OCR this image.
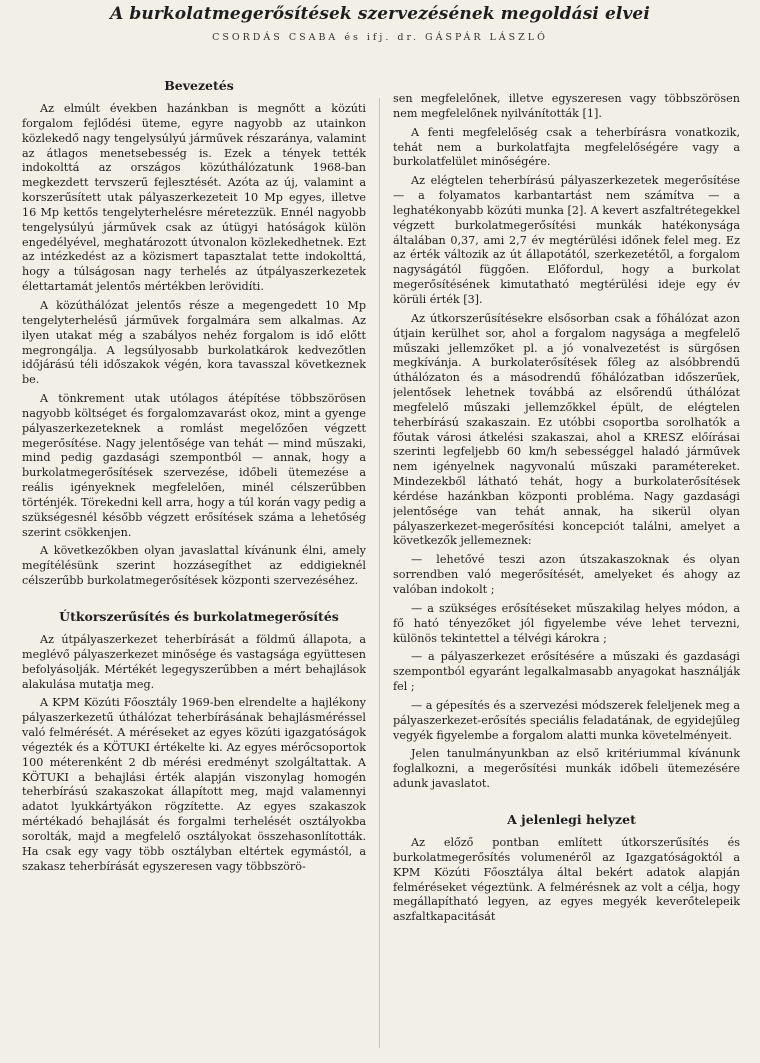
A burkolatmegerősítések szervezésének megoldási elvei
CSORDÁS CSABA és ifj. dr. GÁSPÁR LÁSZLÓ
Bevezetés

Az elmúlt években hazánkban is megnőtt a közúti forgalom fejlődési üteme, egyre nagyobb az utainkon közlekedő nagy tengelysúlyú járművek részaránya, valamint az átlagos menetsebesség is. Ezek a tények tették indokolttá az országos közúthálózatunk 1968-ban megkezdett tervszerű fejlesztését. Azóta az új, valamint a korszerűsített utak pályaszerkezeteit 10 Mp egyes, illetve 16 Mp kettős tengelyterhelésre méretezzük. Ennél nagyobb tengelysúlyú járművek csak az útügyi hatóságok külön engedélyével, meghatározott útvonalon közlekedhetnek. Ezt az intézkedést az a közismert tapasztalat tette indokolttá, hogy a túlságosan nagy terhelés az útpályaszerkezetek élettartamát jelentős mértékben lerövidíti.

A közúthálózat jelentős része a megengedett 10 Mp tengelyterhelésű járművek forgalmára sem alkalmas. Az ilyen utakat még a szabályos nehéz forgalom is idő előtt megrongálja. A legsúlyosabb burkolatkárok kedvezőtlen időjárású téli időszakok végén, kora tavasszal következnek be.

A tönkrement utak utólagos átépítése többszörösen nagyobb költséget és forgalomzavarást okoz, mint a gyenge pályaszerkezeteknek a romlást megelőzően végzett megerősítése. Nagy jelentősége van tehát — mind műszaki, mind pedig gazdasági szempontból — annak, hogy a burkolatmegerősítések szervezése, időbeli ütemezése a reális igényeknek megfelelően, minél célszerűbben történjék. Törekedni kell arra, hogy a túl korán vagy pedig a szükségesnél később végzett erősítések száma a lehetőség szerint csökkenjen.

A következőkben olyan javaslattal kívánunk élni, amely megítélésünk szerint hozzásegíthet az eddigieknél célszerűbb burkolatmegerősítések központi szervezéséhez.

Útkorszerűsítés és burkolatmegerősítés

Az útpályaszerkezet teherbírását a földmű állapota, a meglévő pályaszerkezet minősége és vastagsága együttesen befolyásolják. Mértékét legegyszerűbben a mért behajlások alakulása mutatja meg.

A KPM Közúti Főosztály 1969-ben elrendelte a hajlékony pályaszerkezetű úthálózat teherbírásának behajlásméréssel való felmérését. A méréseket az egyes közúti igazgatóságok végezték és a KÖTUKI értékelte ki. Az egyes mérőcsoportok 100 méterenként 2 db mérési eredményt szolgáltattak. A KÖTUKI a behajlási érték alapján viszonylag homogén teherbírású szakaszokat állapított meg, majd valamennyi adatot lyukkártyákon rögzítette. Az egyes szakaszok mértékadó behajlását és forgalmi terhelését osztályokba sorolták, majd a megfelelő osztályokat összehasonlították. Ha csak egy vagy több osztályban eltértek egymástól, a szakasz teherbírását egyszeresen vagy többszörö-

sen megfelelőnek, illetve egyszeresen vagy többszörösen nem megfelelőnek nyilvánították [1].

A fenti megfelelőség csak a teherbírásra vonatkozik, tehát nem a burkolatfajta megfelelőségére vagy a burkolatfelület minőségére.

Az elégtelen teherbírású pályaszerkezetek megerősítése — a folyamatos karbantartást nem számítva — a leghatékonyabb közúti munka [2]. A kevert aszfaltrétegekkel végzett burkolatmegerősítési munkák hatékonysága általában 0,37, ami 2,7 év megtérülési időnek felel meg. Ez az érték változik az út állapotától, szerkezetétől, a forgalom nagyságától függően. Előfordul, hogy a burkolat megerősítésének kimutatható megtérülési ideje egy év körüli érték [3].

Az útkorszerűsítésekre elsősorban csak a főhálózat azon útjain kerülhet sor, ahol a forgalom nagysága a megfelelő műszaki jellemzőket pl. a jó vonalvezetést is sürgősen megkívánja. A burkolaterősítések főleg az alsóbbrendű úthálózaton és a másodrendű főhálózatban időszerűek, jelentősek lehetnek továbbá az elsőrendű úthálózat megfelelő műszaki jellemzőkkel épült, de elégtelen teherbírású szakaszain. Ez utóbbi csoportba sorolhatók a főutak városi átkelési szakaszai, ahol a KRESZ előírásai szerinti legfeljebb 60 km/h sebességgel haladó járművek nem igényelnek nagyvonalú műszaki paramétereket. Mindezekből látható tehát, hogy a burkolaterősítések kérdése hazánkban központi probléma. Nagy gazdasági jelentősége van tehát annak, ha sikerül olyan pályaszerkezet-megerősítési koncepciót találni, amelyet a következők jellemeznek:

— lehetővé teszi azon útszakaszoknak és olyan sorrendben való megerősítését, amelyeket és ahogy az valóban indokolt ;

— a szükséges erősítéseket műszakilag helyes módon, a fő ható tényezőket jól figyelembe véve lehet tervezni, különös tekintettel a télvégi károkra ;

— a pályaszerkezet erősítésére a műszaki és gazdasági szempontból egyaránt legalkalmasabb anyagokat használják fel ;

— a gépesítés és a szervezési módszerek feleljenek meg a pályaszerkezet-erősítés speciális feladatának, de egyidejűleg vegyék figyelembe a forgalom alatti munka követelményeit.

Jelen tanulmányunkban az első kritériummal kívánunk foglalkozni, a megerősítési munkák időbeli ütemezésére adunk javaslatot.

A jelenlegi helyzet

Az előző pontban említett útkorszerűsítés és burkolatmegerősítés volumenéről az Igazgatóságoktól a KPM Közúti Főosztálya által bekért adatok alapján felméréseket végeztünk. A felmérésnek az volt a célja, hogy megállapítható legyen, az egyes megyék keverőtelepeik aszfaltkapacitását
